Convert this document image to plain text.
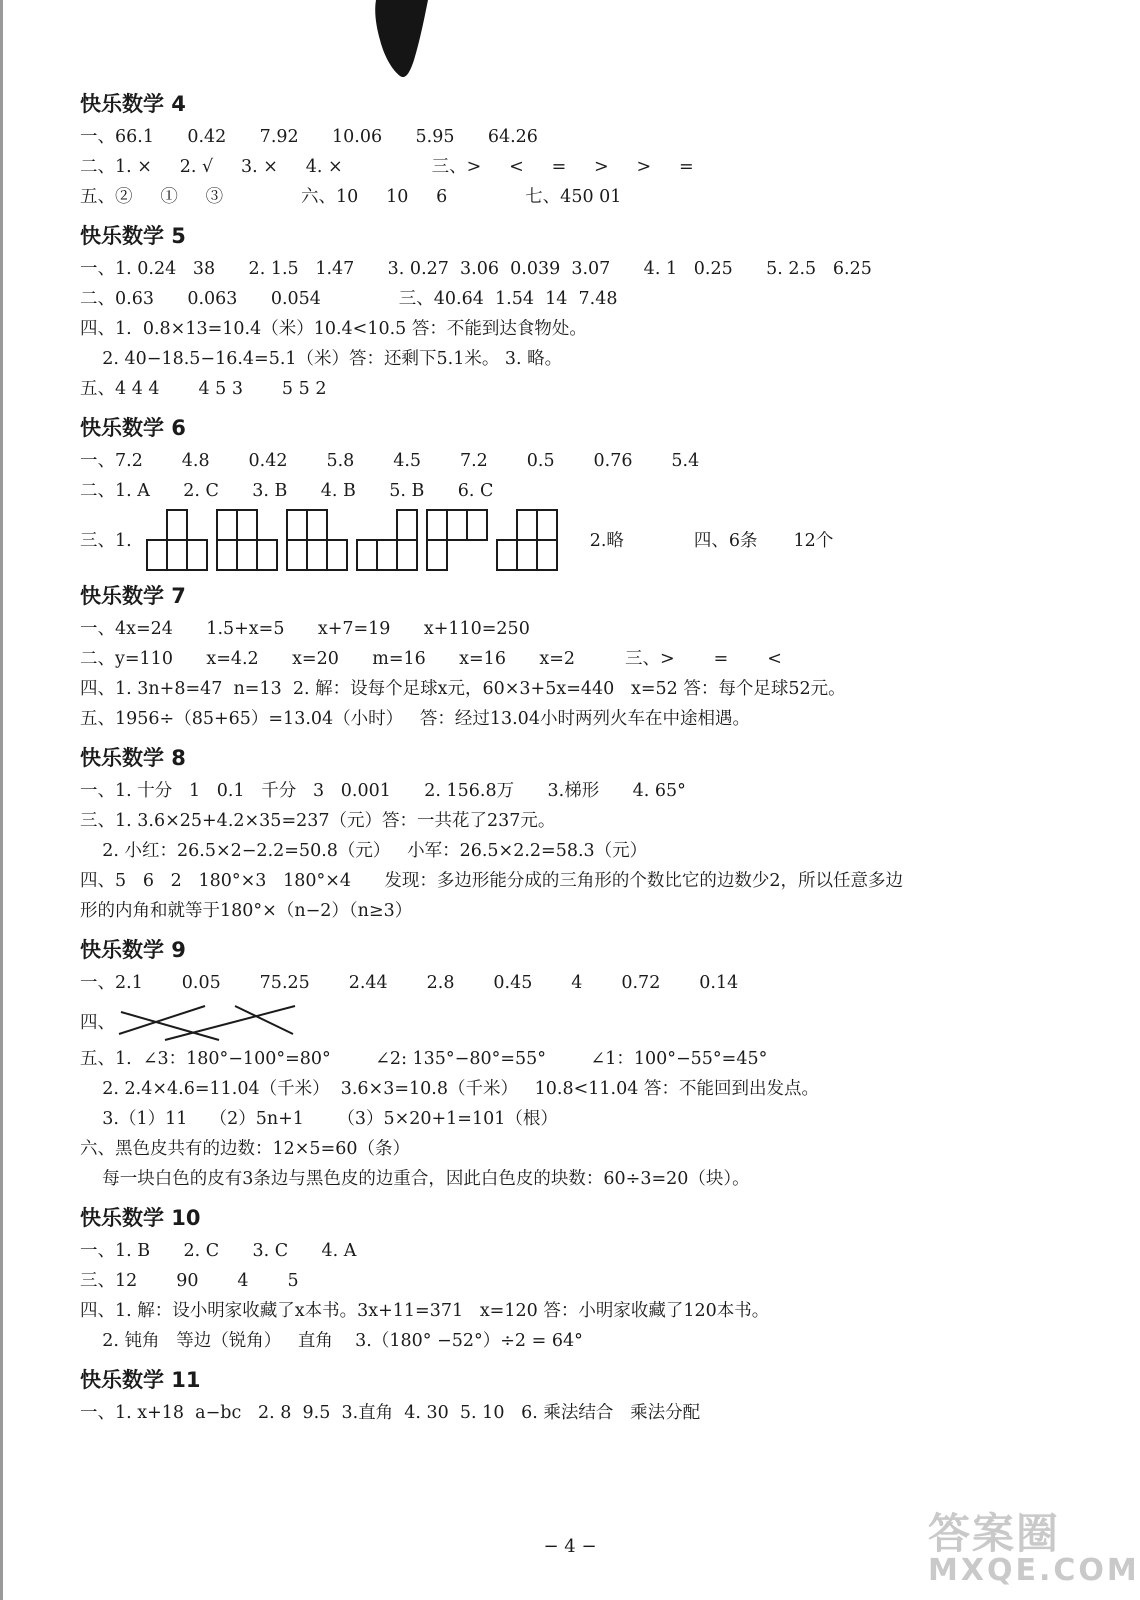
快乐数学 4
一、66.1      0.42      7.92      10.06      5.95      64.26
二、1. ×     2. √     3. ×     4. ×                三、>     <     =     >     >     =
五、②     ①     ③              六、10     10     6              七、450 01
快乐数学 5
一、1. 0.24   38      2. 1.5   1.47      3. 0.27  3.06  0.039  3.07      4. 1   0.25      5. 2.5   6.25
二、0.63      0.063      0.054              三、40.64  1.54  14  7.48
四、1.  0.8×13=10.4（米）10.4<10.5 答：不能到达食物处。
2. 40−18.5−16.4=5.1（米）答：还剩下5.1米。 3. 略。
五、4 4 4       4 5 3       5 5 2
快乐数学 6
一、7.2       4.8       0.42       5.8       4.5       7.2       0.5       0.76       5.4
二、1. A      2. C      3. B      4. B      5. B      6. C
三、1.	2.略	四、6条 12个
快乐数学 7
一、4x=24      1.5+x=5      x+7=19      x+110=250
二、y=110      x=4.2      x=20      m=16      x=16      x=2         三、>       =       <
四、1. 3n+8=47  n=13  2. 解：设每个足球x元，60×3+5x=440   x=52 答：每个足球52元。
五、1956÷（85+65）=13.04（小时）   答：经过13.04小时两列火车在中途相遇。
快乐数学 8
一、1. 十分   1   0.1   千分   3   0.001      2. 156.8万      3.梯形      4. 65°
三、1. 3.6×25+4.2×35=237（元）答：一共花了237元。
2. 小红：26.5×2−2.2=50.8（元）   小军：26.5×2.2=58.3（元）
四、5   6   2   180°×3   180°×4      发现：多边形能分成的三角形的个数比它的边数少2，所以任意多边
形的内角和就等于180°×（n−2）（n≥3）
快乐数学 9
一、2.1       0.05       75.25       2.44       2.8       0.45       4       0.72       0.14
四、
五、1.  ∠3：180°−100°=80°        ∠2: 135°−80°=55°        ∠1：100°−55°=45°
2. 2.4×4.6=11.04（千米）  3.6×3=10.8（千米）   10.8<11.04 答：不能回到出发点。
3.（1）11    （2）5n+1      （3）5×20+1=101（根）
六、黑色皮共有的边数：12×5=60（条）
每一块白色的皮有3条边与黑色皮的边重合，因此白色皮的块数：60÷3=20（块）。
快乐数学 10
一、1. B      2. C      3. C      4. A
三、12       90       4       5
四、1. 解：设小明家收藏了x本书。3x+11=371   x=120 答：小明家收藏了120本书。
2. 钝角   等边（锐角）   直角    3.（180° −52°）÷2 = 64°
快乐数学 11
一、1. x+18  a−bc   2. 8  9.5  3.直角  4. 30  5. 10   6. 乘法结合   乘法分配
− 4 −	答案圈
MXQE.COM
